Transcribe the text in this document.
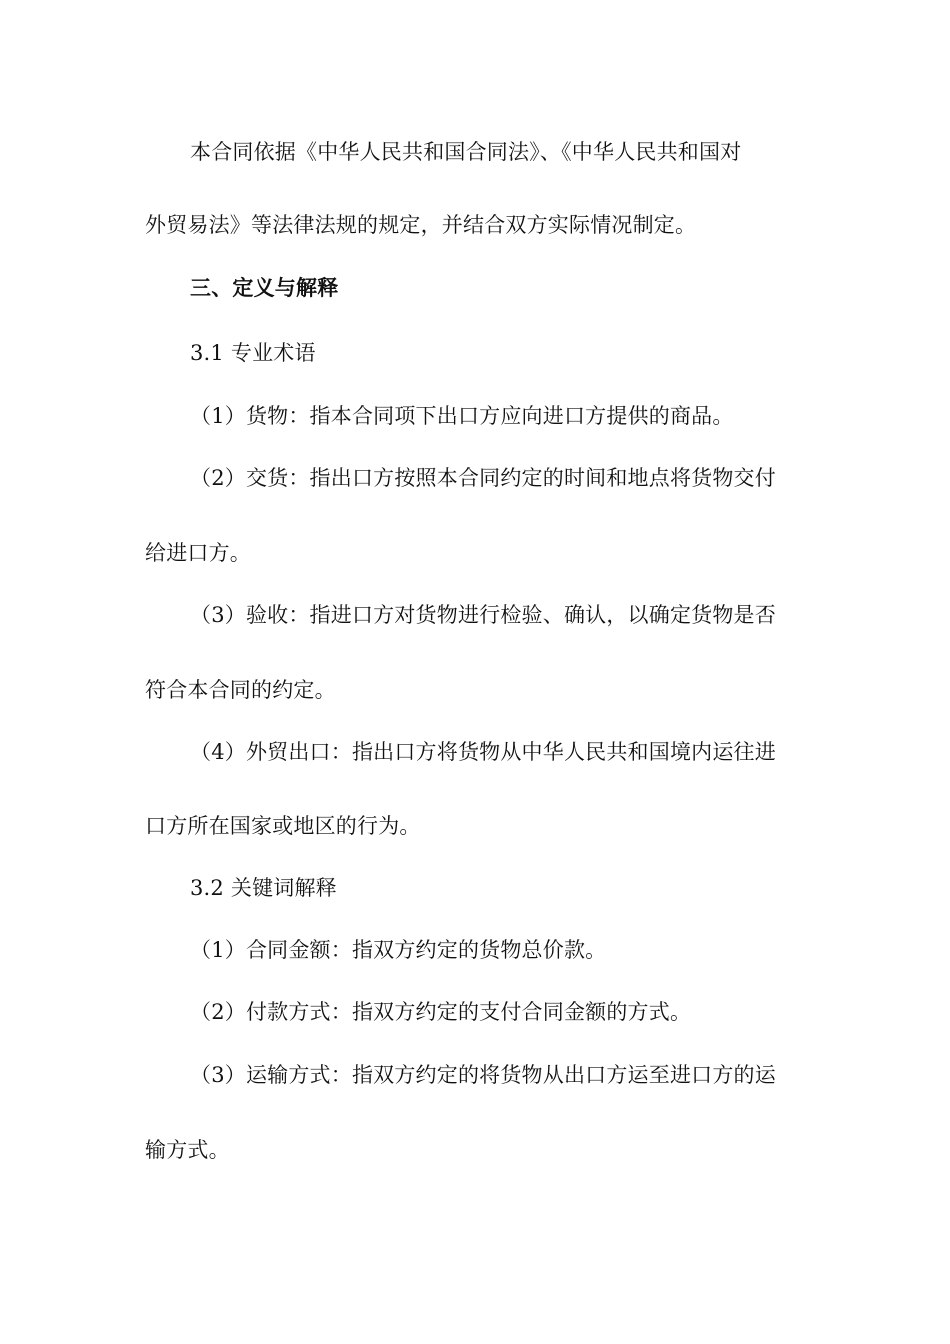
本合同依据《中华人民共和国合同法》、《中华人民共和国对
外贸易法》等法律法规的规定，并结合双方实际情况制定。
三、定义与解释
3.1 专业术语
（1）货物：指本合同项下出口方应向进口方提供的商品。
（2）交货：指出口方按照本合同约定的时间和地点将货物交付
给进口方。
（3）验收：指进口方对货物进行检验、确认，以确定货物是否
符合本合同的约定。
（4）外贸出口：指出口方将货物从中华人民共和国境内运往进
口方所在国家或地区的行为。
3.2 关键词解释
（1）合同金额：指双方约定的货物总价款。
（2）付款方式：指双方约定的支付合同金额的方式。
（3）运输方式：指双方约定的将货物从出口方运至进口方的运
输方式。
